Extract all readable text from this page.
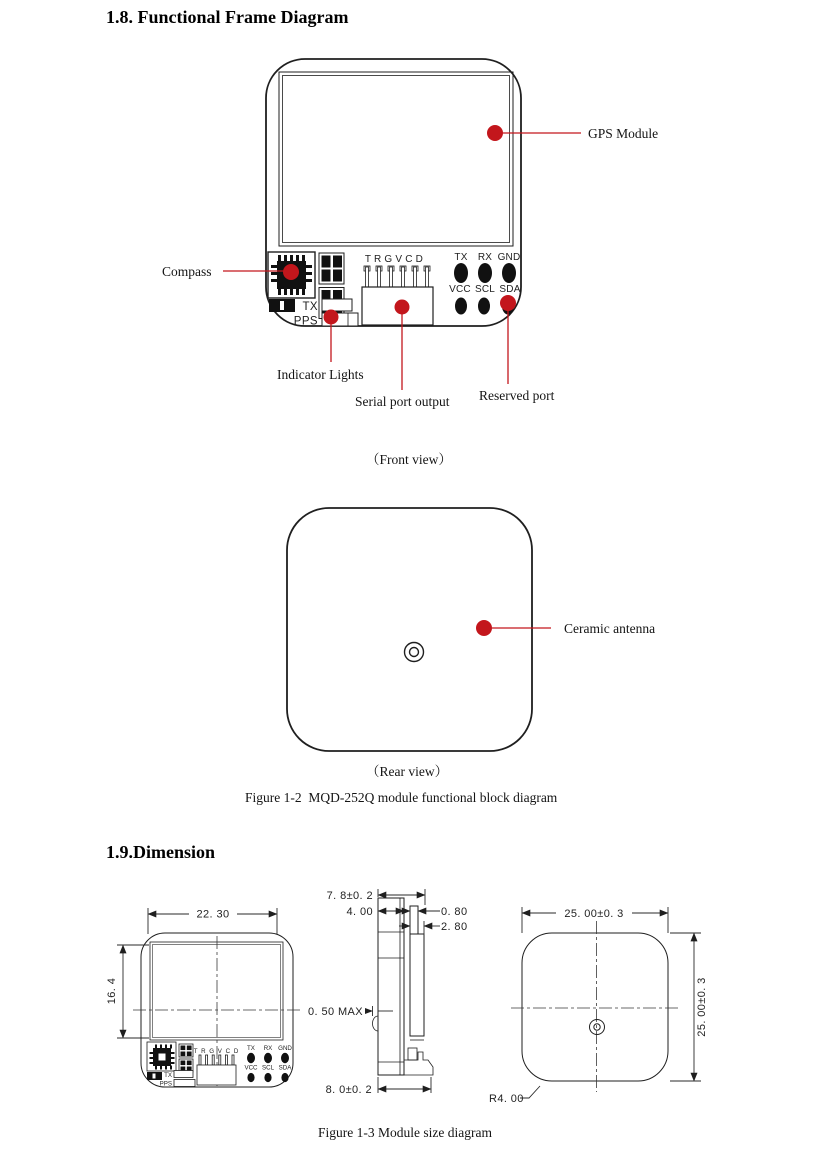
TX
PPS
T R G V C D	TX RX GND
VCC SCL SDA
22. 30
16. 4
TX
PPS
T R G V C D TX RX GND
VCC SCL SDA
7. 8±0. 2
4. 00	0. 80
2. 80
0. 50 MAX
8. 0±0. 2
25. 00±0. 3
25. 00±0. 3
R4. 00
1.8. Functional Frame Diagram
GPS Module
Compass
Indicator Lights
Serial port output Reserved port
（Front view）
Ceramic antenna
（Rear view）
Figure 1-2  MQD-252Q module functional block diagram
1.9.Dimension
Figure 1-3 Module size diagram
